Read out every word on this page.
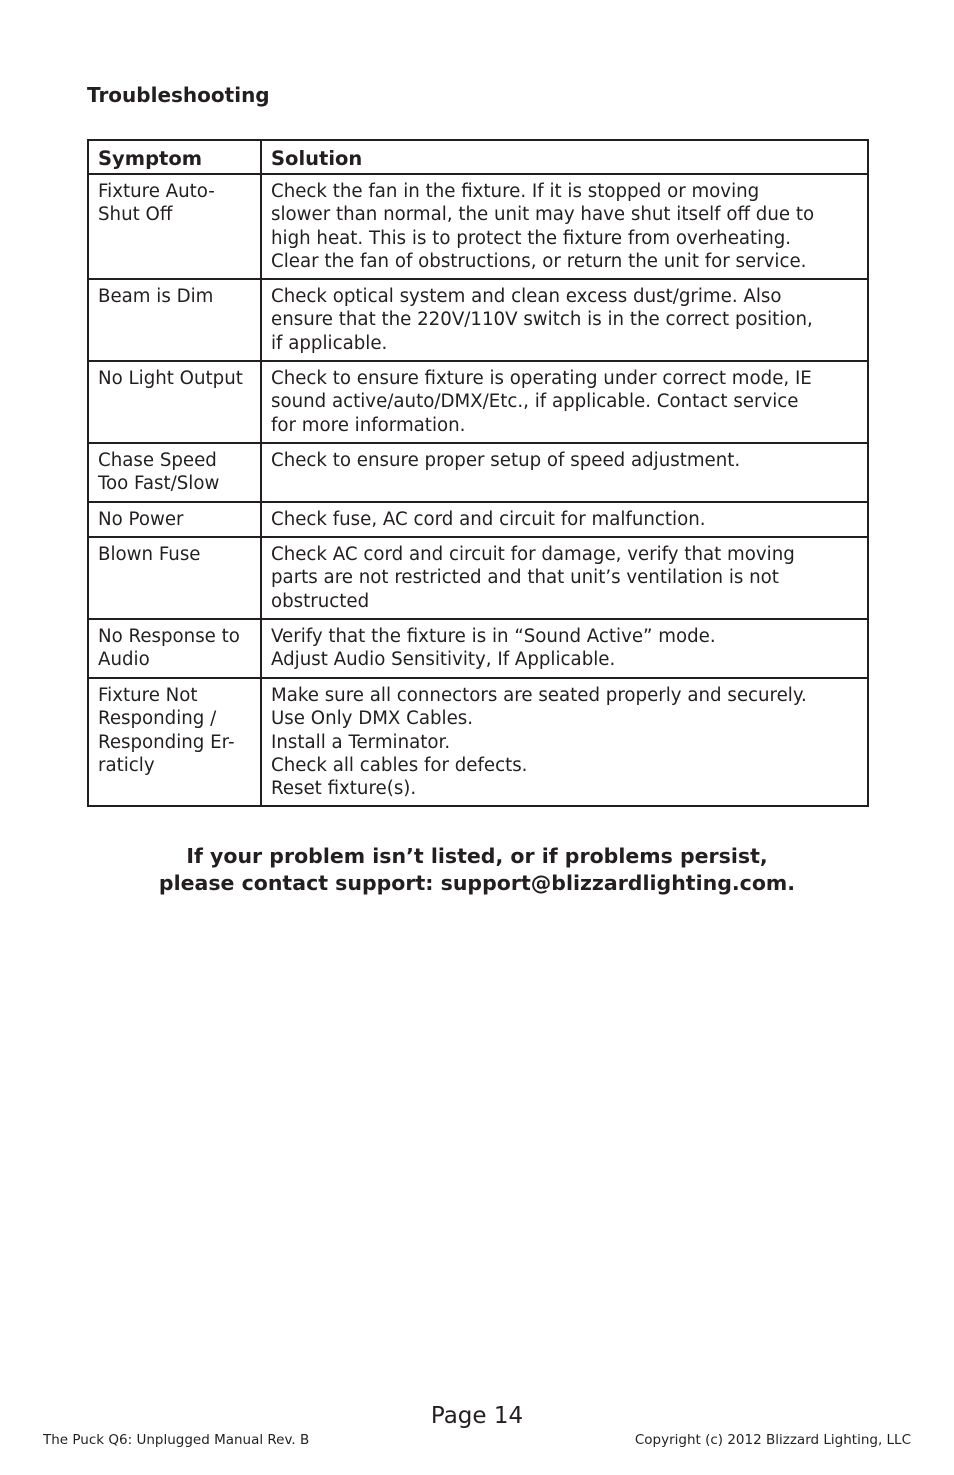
Troubleshooting
Symptom	Solution

Fixture Auto-
Shut Off	Check the fan in the fixture. If it is stopped or moving
slower than normal, the unit may have shut itself off due to
high heat. This is to protect the fixture from overheating.
Clear the fan of obstructions, or return the unit for service.

Beam is Dim	Check optical system and clean excess dust/grime. Also
ensure that the 220V/110V switch is in the correct position,
if applicable.

No Light Output	Check to ensure fixture is operating under correct mode, IE
sound active/auto/DMX/Etc., if applicable. Contact service
for more information.

Chase Speed
Too Fast/Slow	Check to ensure proper setup of speed adjustment.

No Power	Check fuse, AC cord and circuit for malfunction.

Blown Fuse	Check AC cord and circuit for damage, verify that moving
parts are not restricted and that unit’s ventilation is not
obstructed

No Response to
Audio	Verify that the fixture is in “Sound Active” mode.
Adjust Audio Sensitivity, If Applicable.

Fixture Not
Responding /
Responding Er-
raticly	Make sure all connectors are seated properly and securely.
Use Only DMX Cables.
Install a Terminator.
Check all cables for defects.
Reset fixture(s).
If your problem isn’t listed, or if problems persist,
please contact support: support@blizzardlighting.com.
Page 14
The Puck Q6: Unplugged Manual Rev. B	Copyright (c) 2012 Blizzard Lighting, LLC
